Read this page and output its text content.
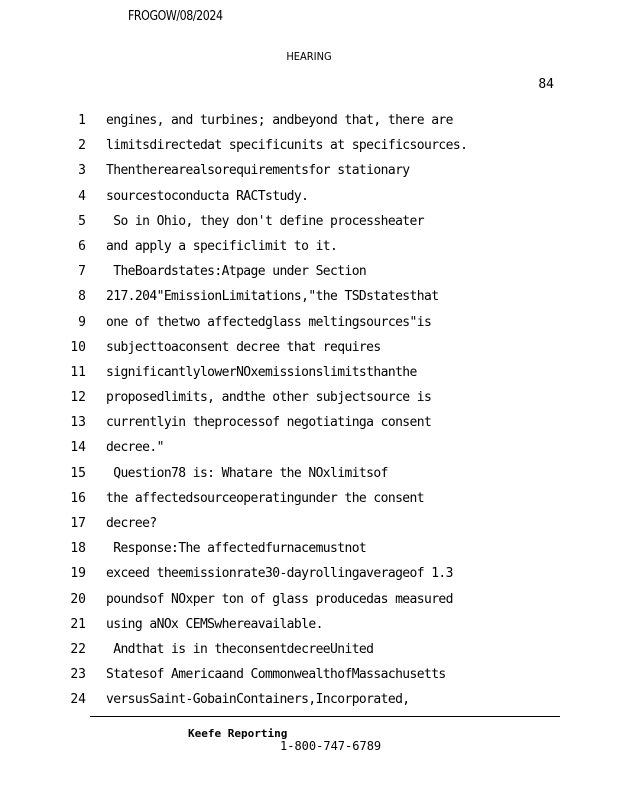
FROGOW/08/2024
HEARING
84
1 engines, and turbines; andbeyond that, there are
2 limitsdirectedat specificunits at specificsources.
3 Thentherearealsorequirementsfor stationary
4 sourcestoconducta RACTstudy.
5 So in Ohio, they don't define processheater
6 and apply a specificlimit to it.
7 TheBoardstates:Atpage under Section
8 217.204"EmissionLimitations,"the TSDstatesthat
9 one of thetwo affectedglass meltingsources"is
10 subjecttoaconsent decree that requires
11 significantlylowerNOxemissionslimitsthanthe
12 proposedlimits, andthe other subjectsource is
13 currentlyin theprocessof negotiatinga consent
14 decree."
15 Question78 is: Whatare the NOxlimitsof
16 the affectedsourceoperatingunder the consent
17 decree?
18 Response:The affectedfurnacemustnot
19 exceed theemissionrate30-dayrollingaverageof 1.3
20 poundsof NOxper ton of glass producedas measured
21 using aNOx CEMSwhereavailable.
22 Andthat is in theconsentdecreeUnited
23 Statesof Americaand CommonwealthofMassachusetts
24 versusSaint-GobainContainers,Incorporated,
Keefe Reporting
1-800-747-6789
